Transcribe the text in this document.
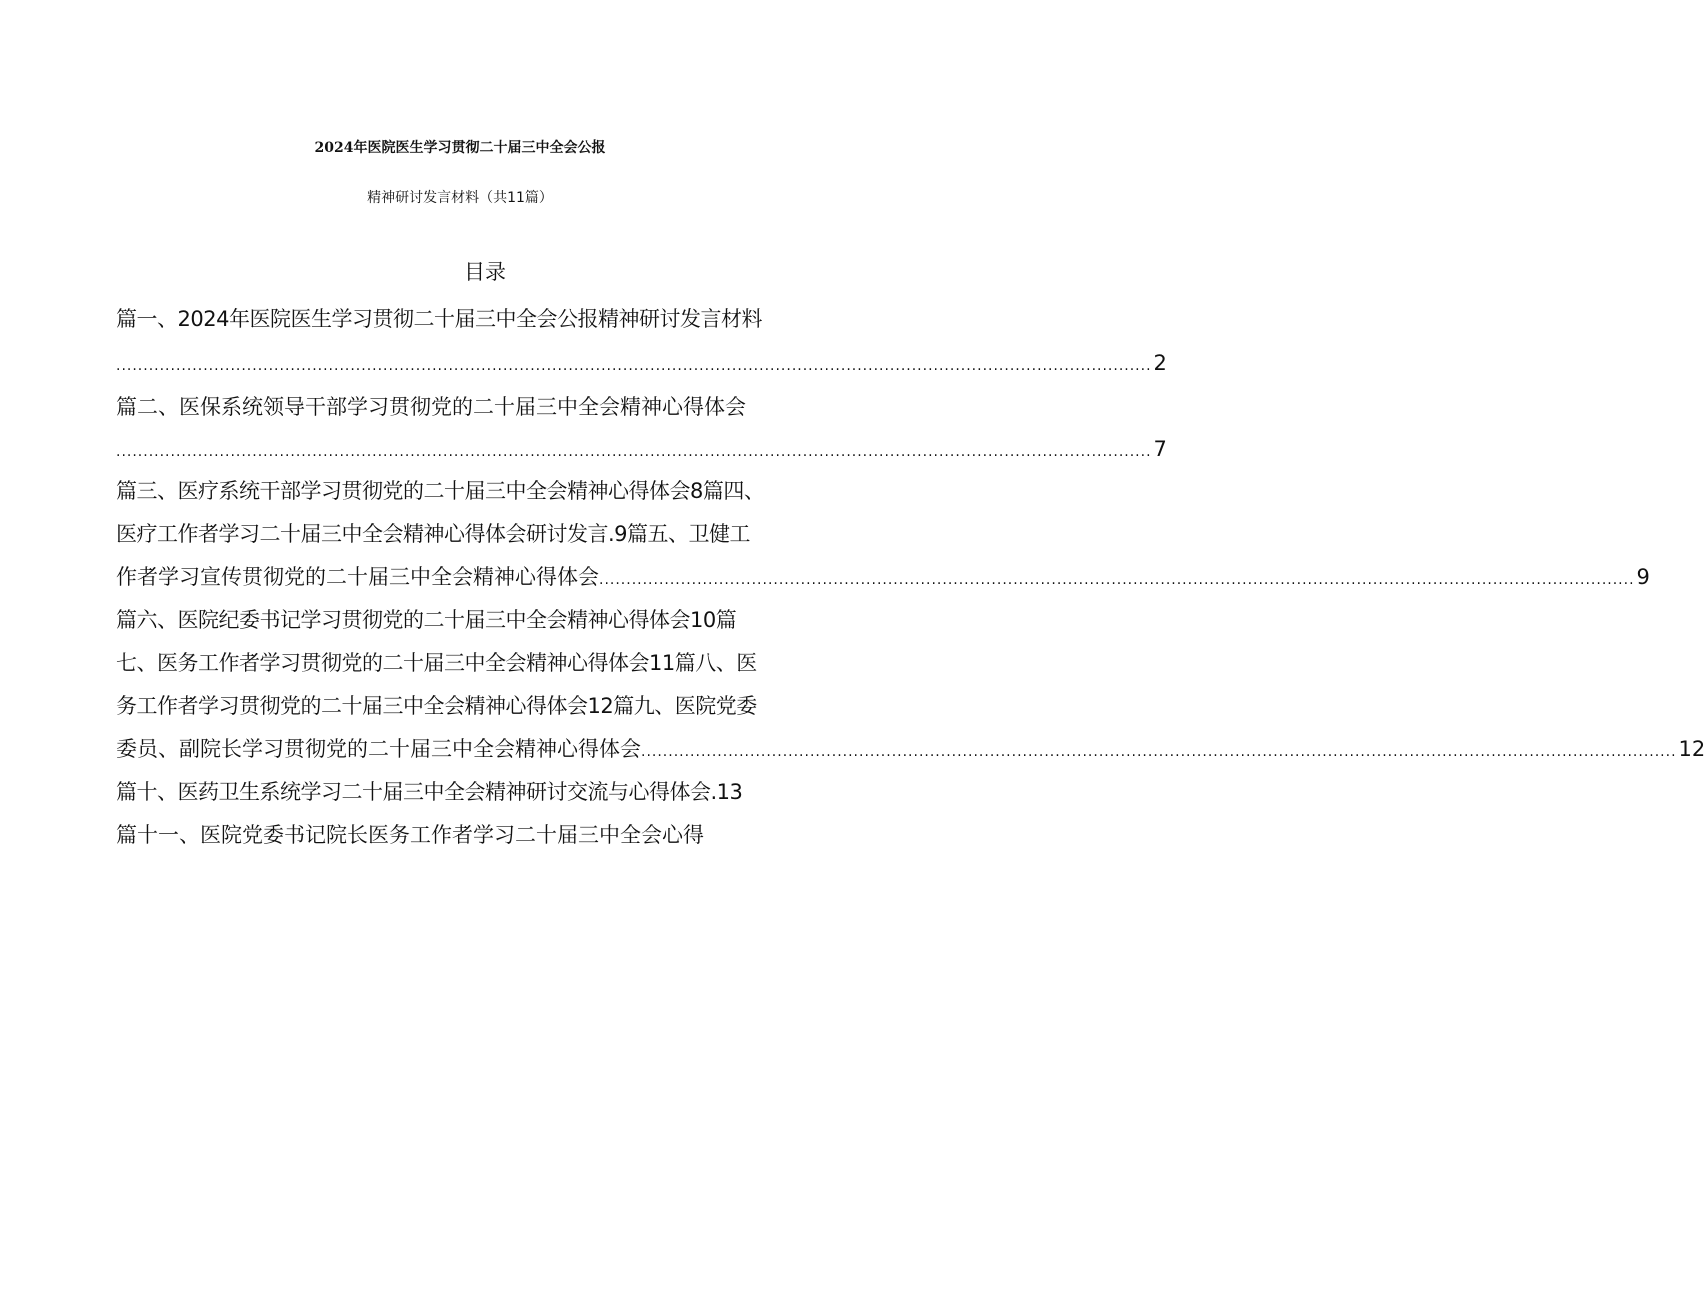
2024年医院医生学习贯彻二十届三中全会公报
精神研讨发言材料（共11篇）
目录
篇一、2024年医院医生学习贯彻二十届三中全会公报精神研讨发言材料
.............................................................................................................................................................................................. 2
篇二、医保系统领导干部学习贯彻党的二十届三中全会精神心得体会
.............................................................................................................................................................................................. 7
篇三、医疗系统干部学习贯彻党的二十届三中全会精神心得体会8篇四、
医疗工作者学习二十届三中全会精神心得体会研讨发言.9篇五、卫健工
作者学习宣传贯彻党的二十届三中全会精神心得体会 .............................................................................................................................................................................................. 9
篇六、医院纪委书记学习贯彻党的二十届三中全会精神心得体会10篇
七、医务工作者学习贯彻党的二十届三中全会精神心得体会11篇八、医
务工作者学习贯彻党的二十届三中全会精神心得体会12篇九、医院党委
委员、副院长学习贯彻党的二十届三中全会精神心得体会 .............................................................................................................................................................................................. 12
篇十、医药卫生系统学习二十届三中全会精神研讨交流与心得体会.13
篇十一、医院党委书记院长医务工作者学习二十届三中全会心得
